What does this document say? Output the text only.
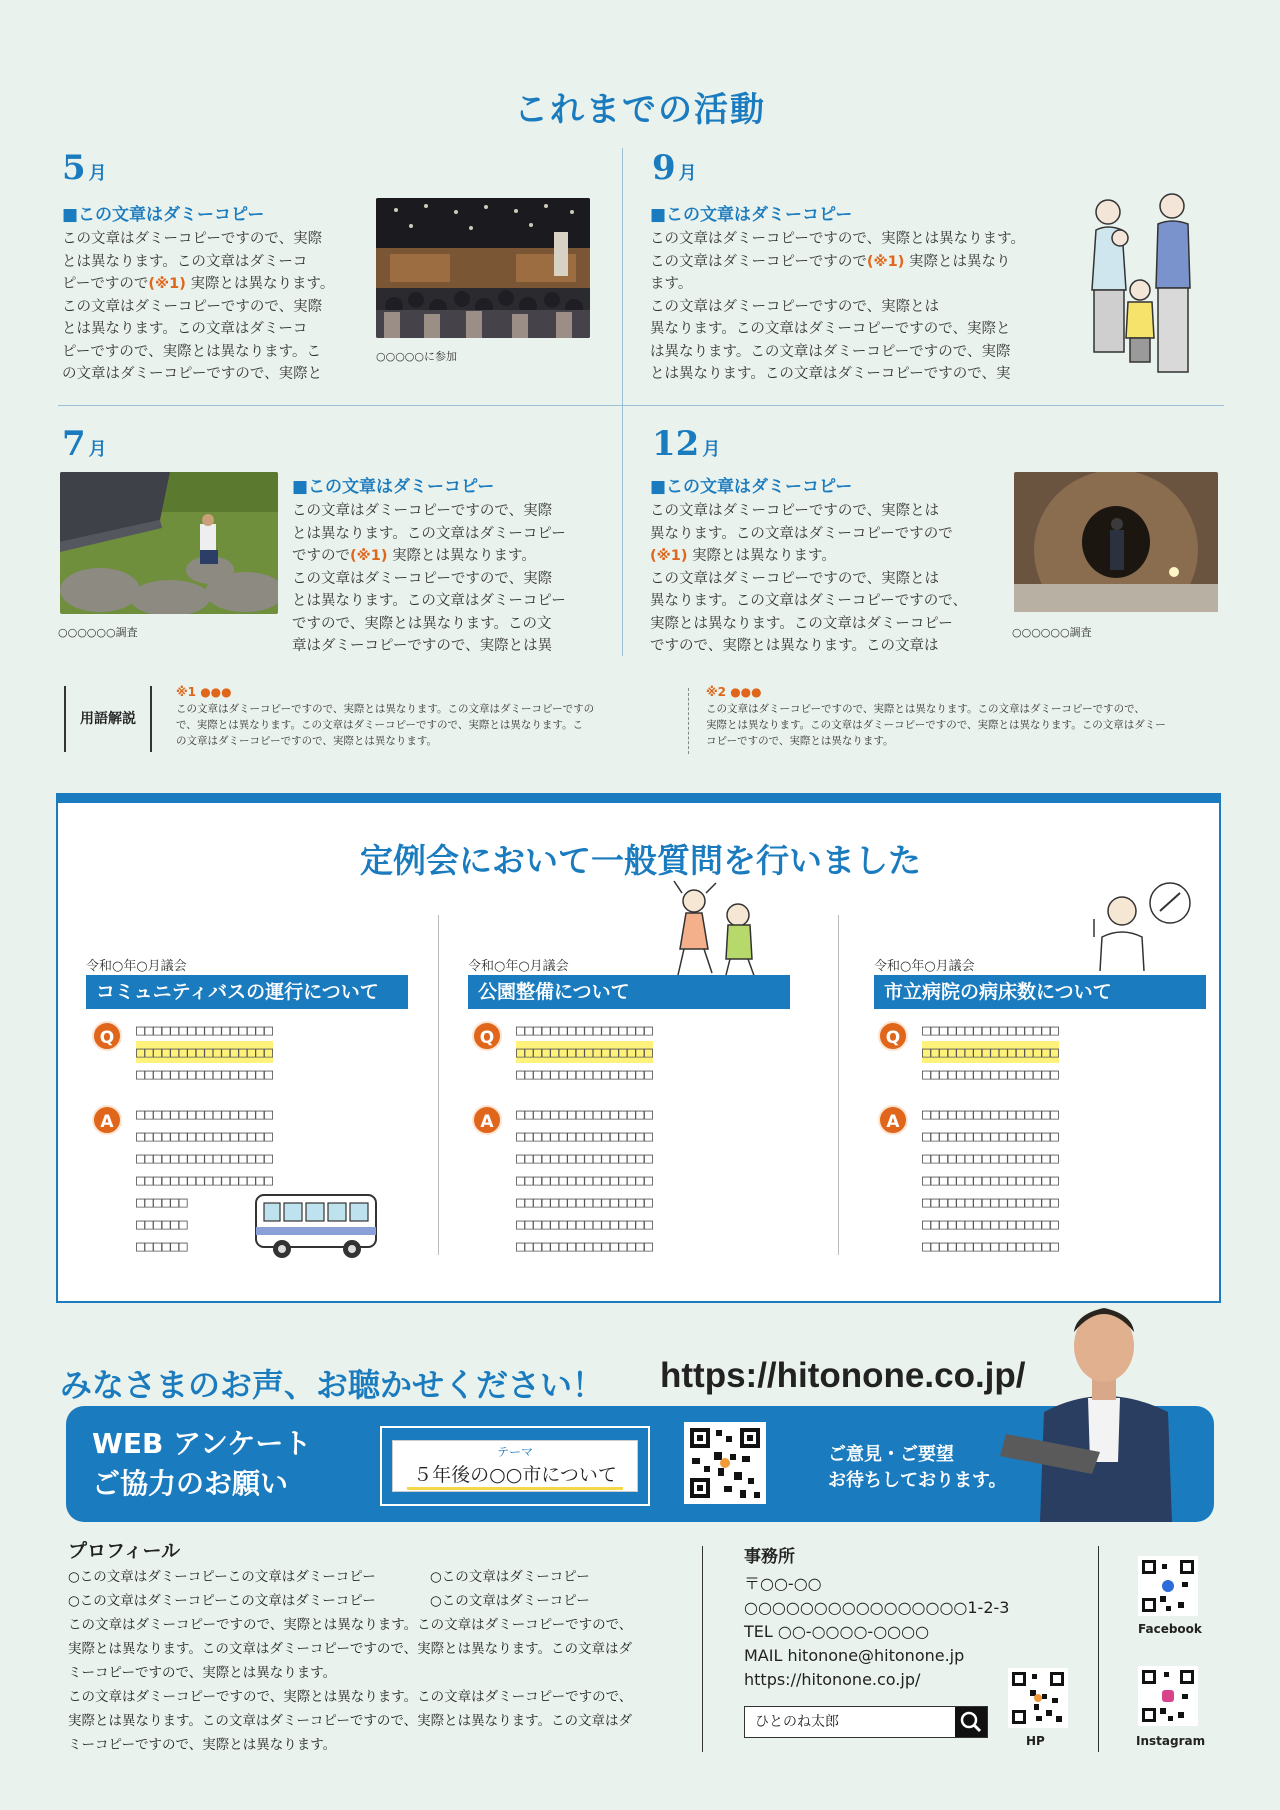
これまでの活動
5 月
■この文章はダミーコピー
この文章はダミーコピーですので、実際
とは異なります。この文章はダミーコ
ピーですので(※1) 実際とは異なります。
この文章はダミーコピーですので、実際
とは異なります。この文章はダミーコ
ピーですので、実際とは異なります。こ
の文章はダミーコピーですので、実際と
○○○○○に参加
9 月
■この文章はダミーコピー
この文章はダミーコピーですので、実際とは異なります。
この文章はダミーコピーですので(※1) 実際とは異なり
ます。
この文章はダミーコピーですので、実際とは
異なります。この文章はダミーコピーですので、実際と
は異なります。この文章はダミーコピーですので、実際
とは異なります。この文章はダミーコピーですので、実
7 月
○○○○○○調査
■この文章はダミーコピー
この文章はダミーコピーですので、実際
とは異なります。この文章はダミーコピー
ですので(※1) 実際とは異なります。
この文章はダミーコピーですので、実際
とは異なります。この文章はダミーコピー
ですので、実際とは異なります。この文
章はダミーコピーですので、実際とは異
12 月
■この文章はダミーコピー
この文章はダミーコピーですので、実際とは
異なります。この文章はダミーコピーですので
(※1) 実際とは異なります。
この文章はダミーコピーですので、実際とは
異なります。この文章はダミーコピーですので、
実際とは異なります。この文章はダミーコピー
ですので、実際とは異なります。この文章は
○○○○○○調査
用語解説
※1 ●●●
この文章はダミーコピーですので、実際とは異なります。この文章はダミーコピーですの
で、実際とは異なります。この文章はダミーコピーですので、実際とは異なります。こ
の文章はダミーコピーですので、実際とは異なります。
※2 ●●●
この文章はダミーコピーですので、実際とは異なります。この文章はダミーコピーですので、
実際とは異なります。この文章はダミーコピーですので、実際とは異なります。この文章はダミー
コピーですので、実際とは異なります。
定例会において一般質問を行いました
令和○年○月議会
コミュニティバスの運行について
Q	□□□□□□□□□□□□□□□□
□□□□□□□□□□□□□□□□
□□□□□□□□□□□□□□□□
A	□□□□□□□□□□□□□□□□
□□□□□□□□□□□□□□□□
□□□□□□□□□□□□□□□□
□□□□□□□□□□□□□□□□
□□□□□□
□□□□□□
□□□□□□
令和○年○月議会
公園整備について
Q	□□□□□□□□□□□□□□□□
□□□□□□□□□□□□□□□□
□□□□□□□□□□□□□□□□
A	□□□□□□□□□□□□□□□□
□□□□□□□□□□□□□□□□
□□□□□□□□□□□□□□□□
□□□□□□□□□□□□□□□□
□□□□□□□□□□□□□□□□
□□□□□□□□□□□□□□□□
□□□□□□□□□□□□□□□□
令和○年○月議会
市立病院の病床数について
Q	□□□□□□□□□□□□□□□□
□□□□□□□□□□□□□□□□
□□□□□□□□□□□□□□□□
A	□□□□□□□□□□□□□□□□
□□□□□□□□□□□□□□□□
□□□□□□□□□□□□□□□□
□□□□□□□□□□□□□□□□
□□□□□□□□□□□□□□□□
□□□□□□□□□□□□□□□□
□□□□□□□□□□□□□□□□
みなさまのお声、お聴かせください！ https://hitonone.co.jp/
WEB アンケート
ご協力のお願い
テーマ
５年後の○○市について
ご意見・ご要望
お待ちしております。
プロフィール
○この文章はダミーコピーこの文章はダミーコピー	○この文章はダミーコピー
○この文章はダミーコピーこの文章はダミーコピー	○この文章はダミーコピー
この文章はダミーコピーですので、実際とは異なります。この文章はダミーコピーですので、
実際とは異なります。この文章はダミーコピーですので、実際とは異なります。この文章はダ
ミーコピーですので、実際とは異なります。
この文章はダミーコピーですので、実際とは異なります。この文章はダミーコピーですので、
実際とは異なります。この文章はダミーコピーですので、実際とは異なります。この文章はダ
ミーコピーですので、実際とは異なります。
事務所
〒○○-○○
○○○○○○○○○○○○○○○○1-2-3
TEL ○○-○○○○-○○○○
MAIL hitonone@hitonone.jp
https://hitonone.co.jp/
ひとのね太郎
HP
Facebook
Instagram
